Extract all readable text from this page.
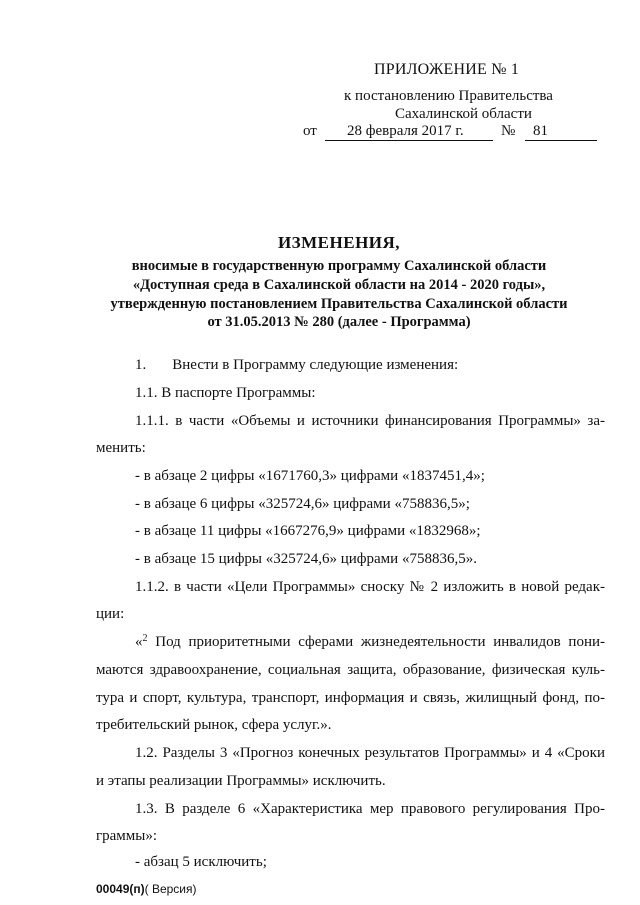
ПРИЛОЖЕНИЕ № 1
к постановлению Правительства
Сахалинской области
от 28 февраля 2017 г. № 81
ИЗМЕНЕНИЯ,
вносимые в государственную программу Сахалинской области
«Доступная среда в Сахалинской области на 2014 - 2020 годы»,
утвержденную постановлением Правительства Сахалинской области
от 31.05.2013 № 280 (далее - Программа)
1. Внести в Программу следующие изменения:
1.1. В паспорте Программы:
1.1.1. в части «Объемы и источники финансирования Программы» за-
менить:
- в абзаце 2 цифры «1671760,3» цифрами «1837451,4»;
- в абзаце 6 цифры «325724,6» цифрами «758836,5»;
- в абзаце 11 цифры «1667276,9» цифрами «1832968»;
- в абзаце 15 цифры «325724,6» цифрами «758836,5».
1.1.2. в части «Цели Программы» сноску № 2 изложить в новой редак-
ции:
«$^2$ Под приоритетными сферами жизнедеятельности инвалидов пони-
маются здравоохранение, социальная защита, образование, физическая куль-
тура и спорт, культура, транспорт, информация и связь, жилищный фонд, по-
требительский рынок, сфера услуг.».
1.2. Разделы 3 «Прогноз конечных результатов Программы» и 4 «Сроки
и этапы реализации Программы» исключить.
1.3. В разделе 6 «Характеристика мер правового регулирования Про-
граммы»:
- абзац 5 исключить;
00049(п)( Версия)
